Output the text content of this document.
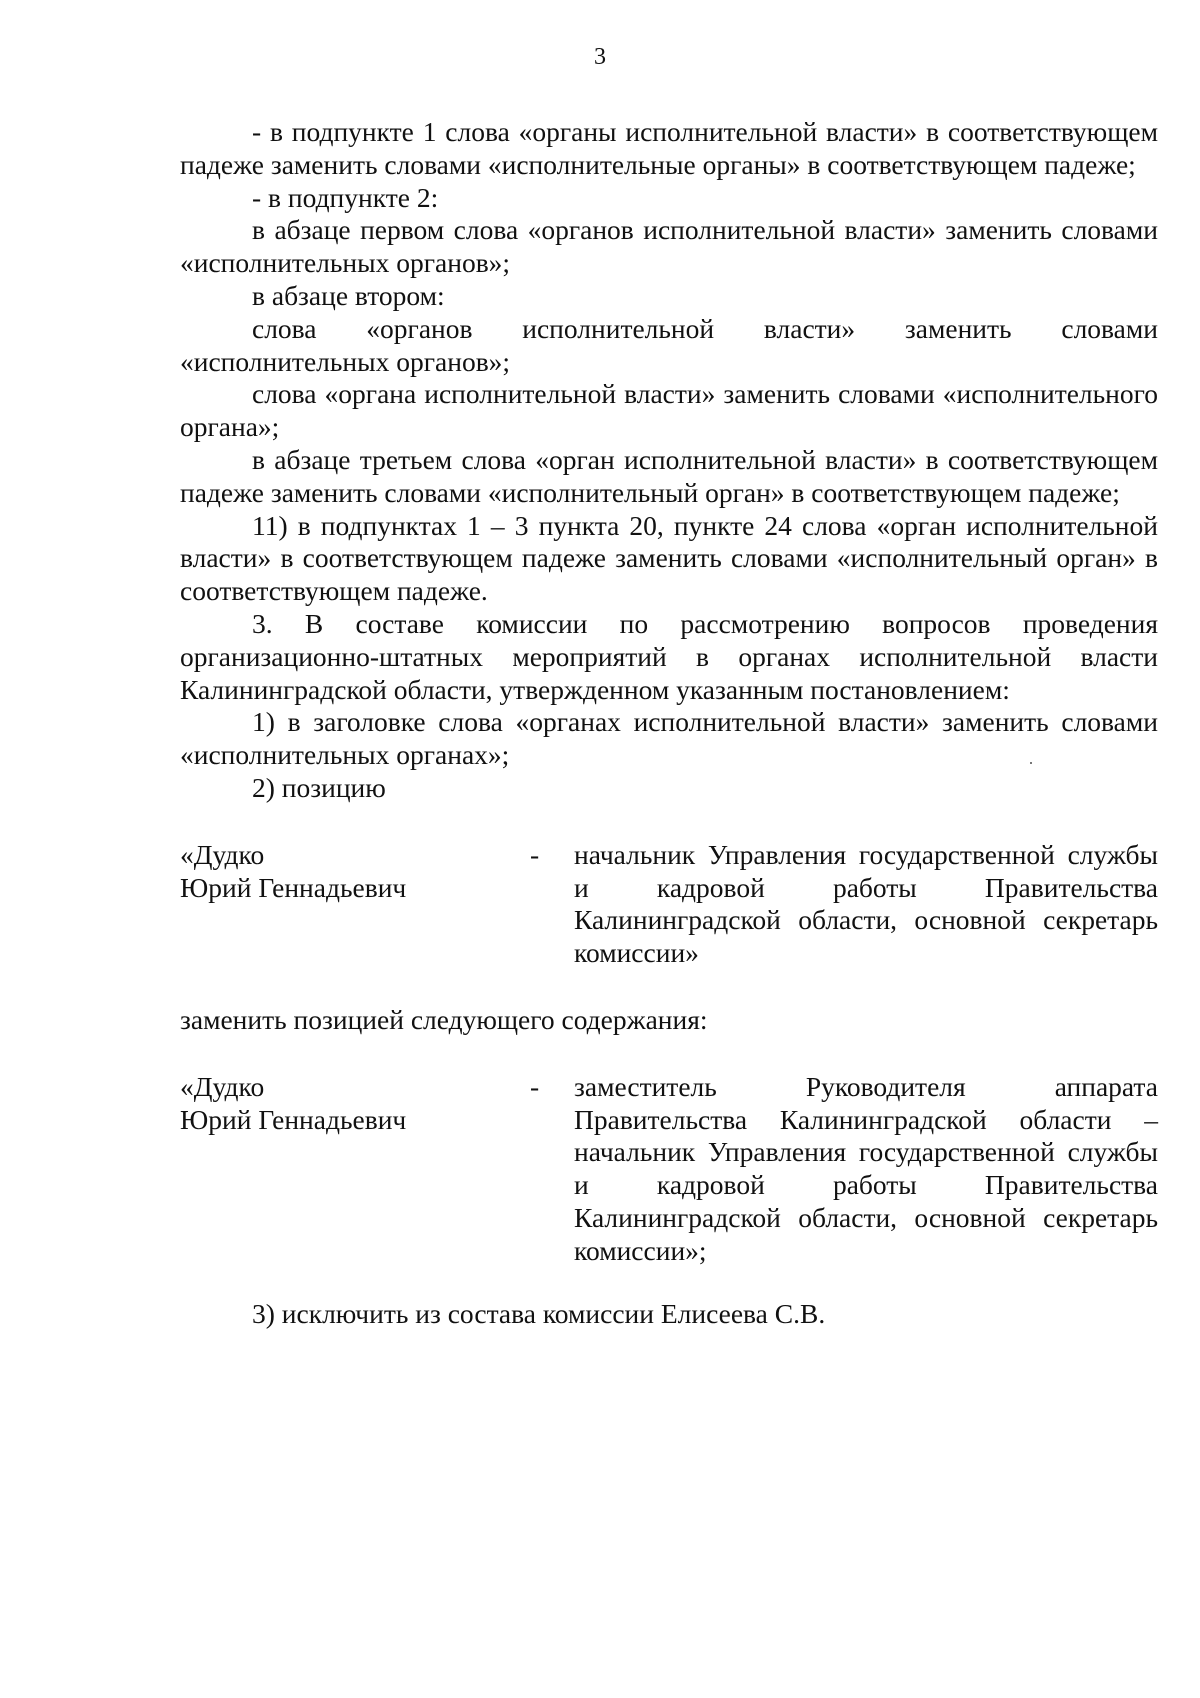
3

- в подпункте 1 слова «органы исполнительной власти» в соответствующем падеже заменить словами «исполнительные органы» в соответствующем падеже;

- в подпункте 2:

в абзаце первом слова «органов исполнительной власти» заменить словами «исполнительных органов»;

в абзаце втором:

слова «органов исполнительной власти» заменить словами «исполнительных органов»;

слова «органа исполнительной власти» заменить словами «исполнительного органа»;

в абзаце третьем слова «орган исполнительной власти» в соответствующем падеже заменить словами «исполнительный орган» в соответствующем падеже;

11) в подпунктах 1 – 3 пункта 20, пункте 24 слова «орган исполнительной власти» в соответствующем падеже заменить словами «исполнительный орган» в соответствующем падеже.

3. В составе комиссии по рассмотрению вопросов проведения организационно-штатных мероприятий в органах исполнительной власти Калининградской области, утвержденном указанным постановлением:

1) в заголовке слова «органах исполнительной власти» заменить словами «исполнительных органах»;

2) позицию

«Дудко
Юрий Геннадьевич
-	начальник Управления государственной службы и кадровой работы Правительства Калининградской области, основной секретарь комиссии»

заменить позицией следующего содержания:

«Дудко
Юрий Геннадьевич
-	заместитель Руководителя аппарата Правительства Калининградской области – начальник Управления государственной службы и кадровой работы Правительства Калининградской области, основной секретарь комиссии»;

3) исключить из состава комиссии Елисеева С.В.
